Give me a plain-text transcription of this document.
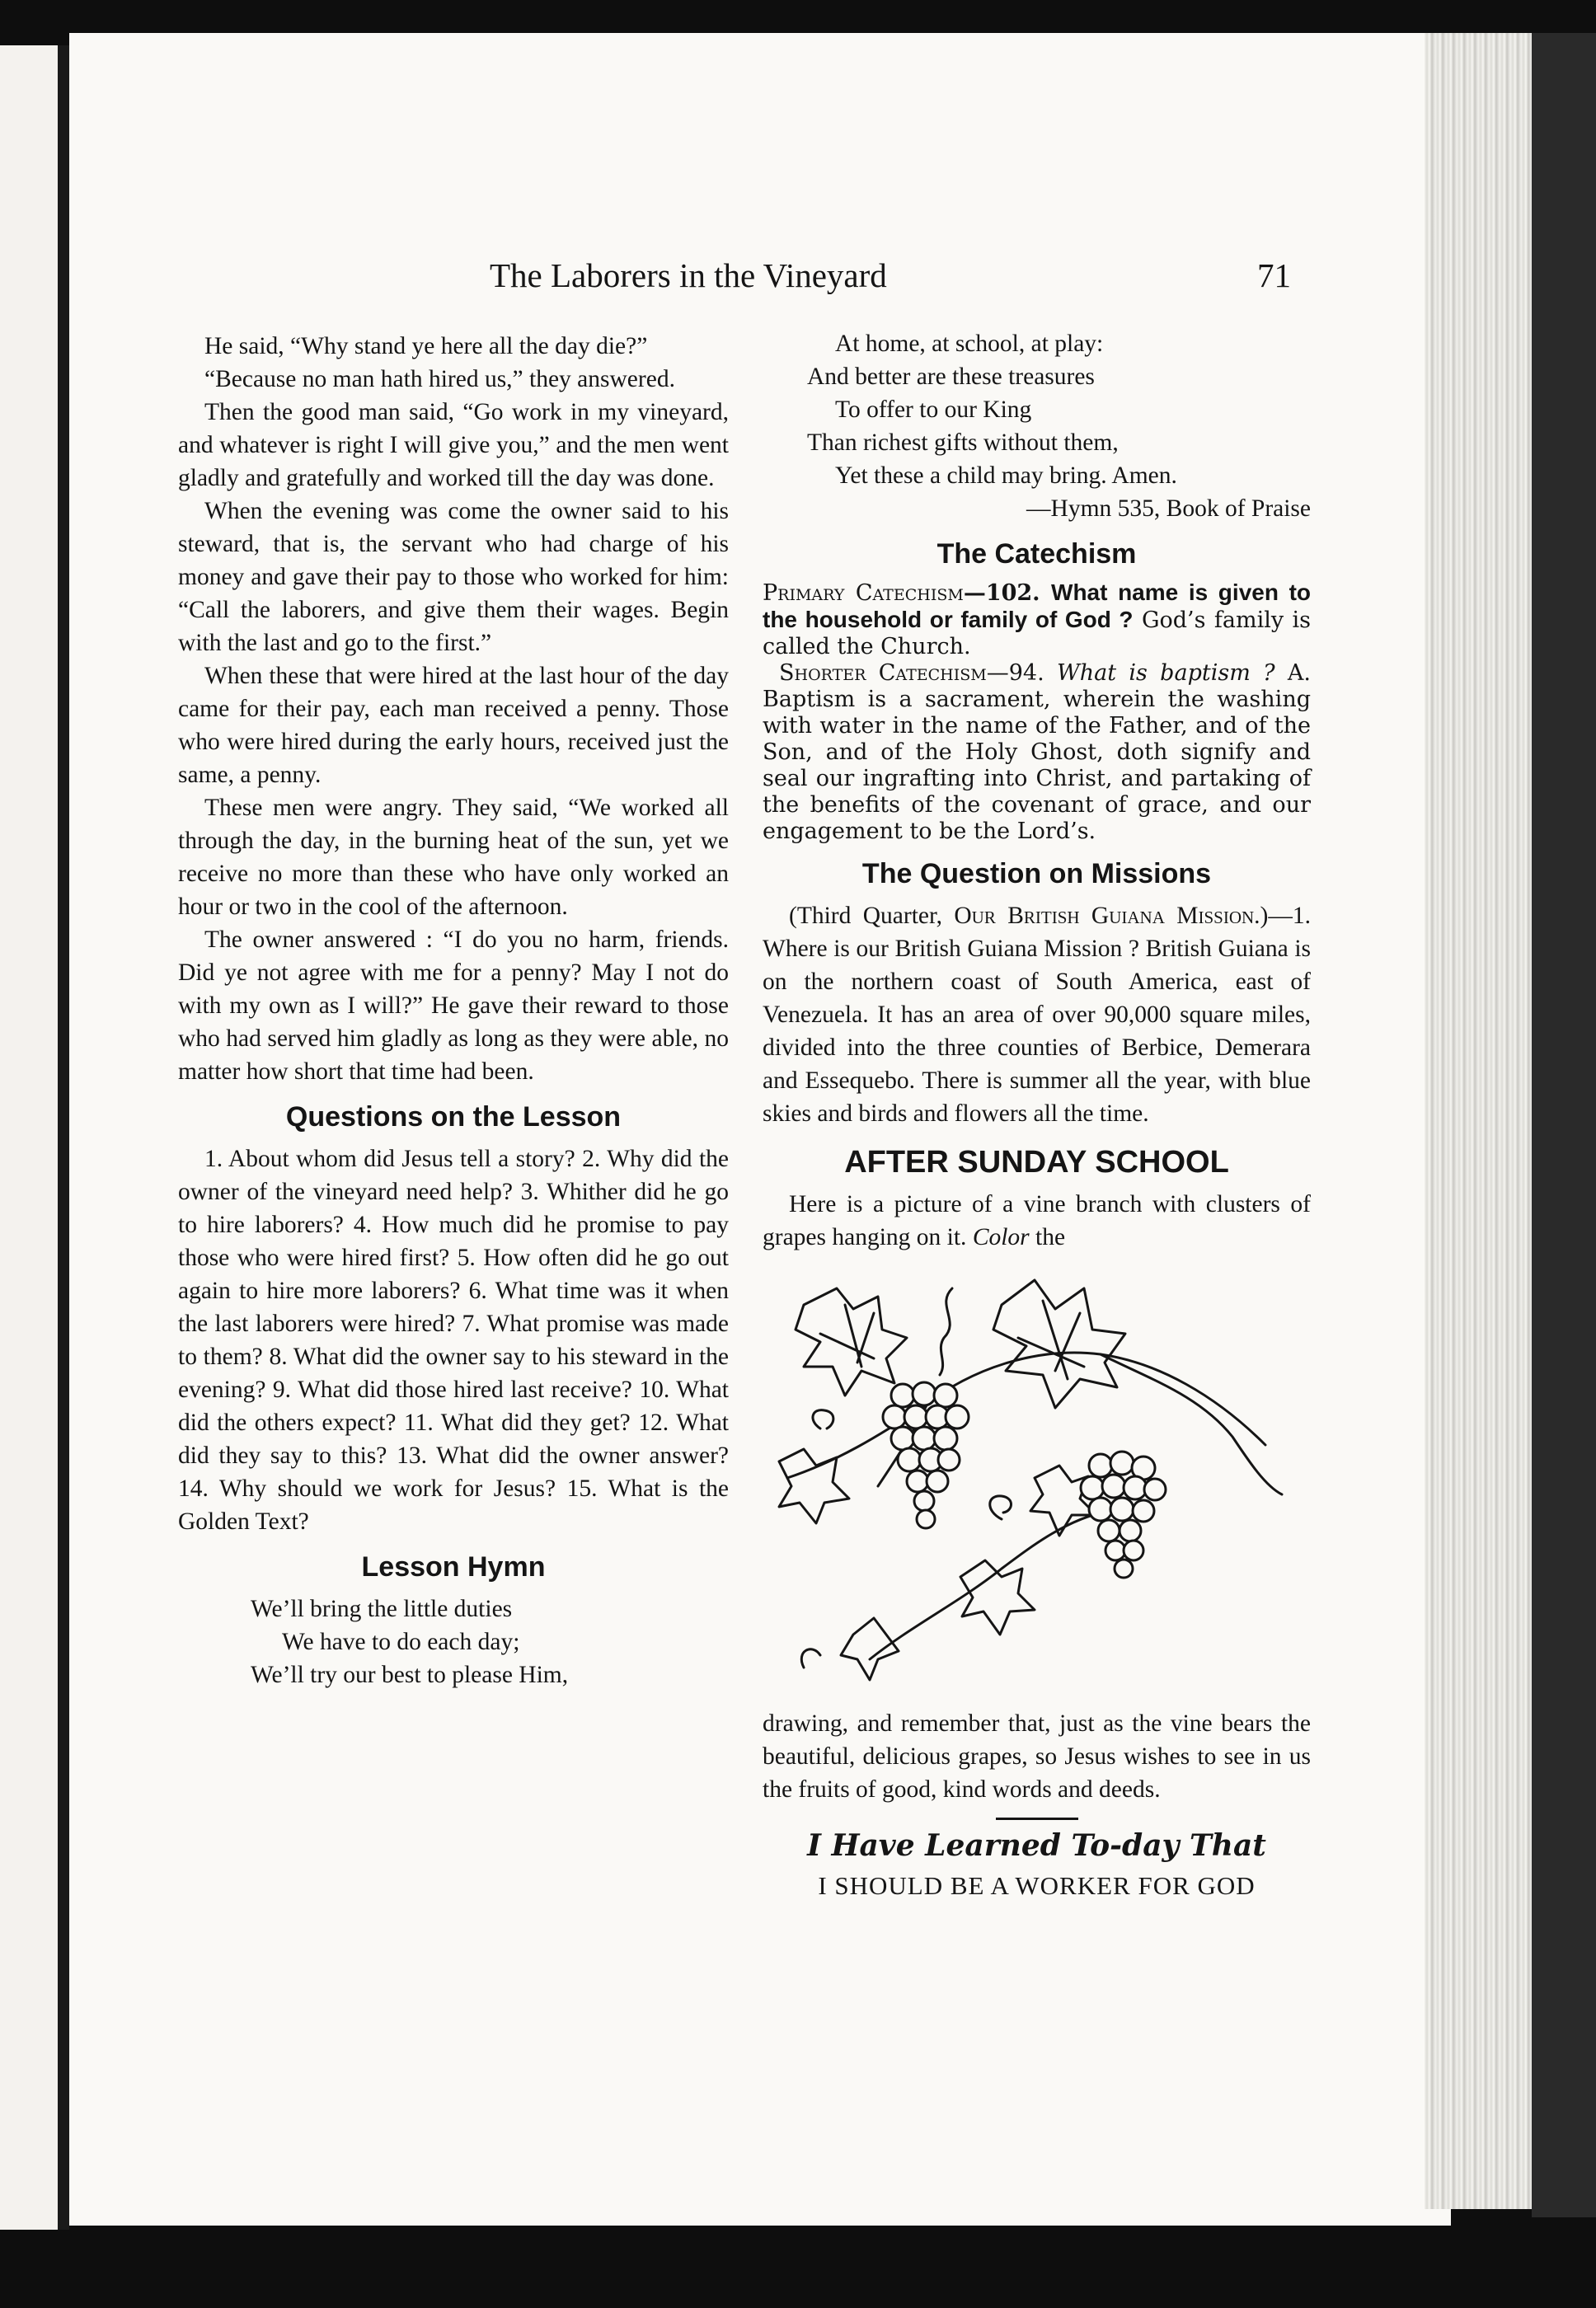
The Laborers in the Vineyard	71

He said, “Why stand ye here all the day die?”

“Because no man hath hired us,” they answered.

Then the good man said, “Go work in my vineyard, and whatever is right I will give you,” and the men went gladly and gratefully and worked till the day was done.

When the evening was come the owner said to his steward, that is, the servant who had charge of his money and gave their pay to those who worked for him: “Call the laborers, and give them their wages. Begin with the last and go to the first.”

When these that were hired at the last hour of the day came for their pay, each man received a penny. Those who were hired during the early hours, received just the same, a penny.

These men were angry. They said, “We worked all through the day, in the burning heat of the sun, yet we receive no more than these who have only worked an hour or two in the cool of the afternoon.

The owner answered : “I do you no harm, friends. Did ye not agree with me for a penny? May I not do with my own as I will?” He gave their reward to those who had served him gladly as long as they were able, no matter how short that time had been.

Questions on the Lesson

1. About whom did Jesus tell a story? 2. Why did the owner of the vineyard need help? 3. Whither did he go to hire laborers? 4. How much did he promise to pay those who were hired first? 5. How often did he go out again to hire more laborers? 6. What time was it when the last laborers were hired? 7. What promise was made to them? 8. What did the owner say to his steward in the evening? 9. What did those hired last receive? 10. What did the others expect? 11. What did they get? 12. What did they say to this? 13. What did the owner answer? 14. Why should we work for Jesus? 15. What is the Golden Text?

Lesson Hymn

We’ll bring the little duties

We have to do each day;

We’ll try our best to please Him,

At home, at school, at play:

And better are these treasures

To offer to our King

Than richest gifts without them,

Yet these a child may bring. Amen.

—Hymn 535, Book of Praise

The Catechism

Primary Catechism—102. What name is given to the household or family of God ? God’s family is called the Church.

Shorter Catechism—94. What is baptism ? A. Baptism is a sacrament, wherein the washing with water in the name of the Father, and of the Son, and of the Holy Ghost, doth signify and seal our ingrafting into Christ, and partaking of the benefits of the covenant of grace, and our engagement to be the Lord’s.

The Question on Missions

(Third Quarter, Our British Guiana Mission.)—1. Where is our British Guiana Mission ? British Guiana is on the northern coast of South America, east of Venezuela. It has an area of over 90,000 square miles, divided into the three counties of Berbice, Demerara and Essequebo. There is summer all the year, with blue skies and birds and flowers all the time.

AFTER SUNDAY SCHOOL

Here is a picture of a vine branch with clusters of grapes hanging on it. Color the

drawing, and remember that, just as the vine bears the beautiful, delicious grapes, so Jesus wishes to see in us the fruits of good, kind words and deeds.

I Have Learned To-day That

I SHOULD BE A WORKER FOR GOD
